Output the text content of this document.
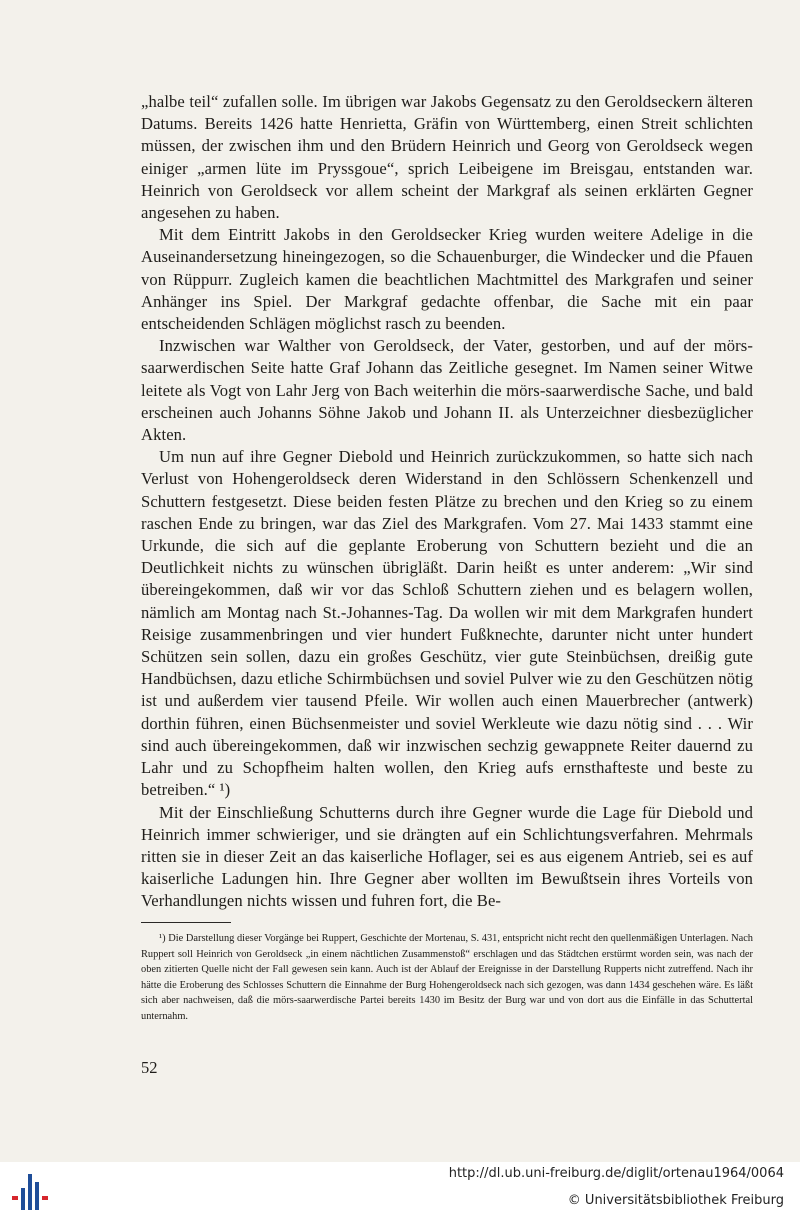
„halbe teil“ zufallen solle. Im übrigen war Jakobs Gegensatz zu den Geroldseckern älteren Datums. Bereits 1426 hatte Henrietta, Gräfin von Württemberg, einen Streit schlichten müssen, der zwischen ihm und den Brüdern Heinrich und Georg von Geroldseck wegen einiger „armen lüte im Pryssgoue“, sprich Leibeigene im Breisgau, entstanden war. Heinrich von Geroldseck vor allem scheint der Markgraf als seinen erklärten Gegner angesehen zu haben.

Mit dem Eintritt Jakobs in den Geroldsecker Krieg wurden weitere Adelige in die Auseinandersetzung hineingezogen, so die Schauenburger, die Windecker und die Pfauen von Rüppurr. Zugleich kamen die beachtlichen Machtmittel des Markgrafen und seiner Anhänger ins Spiel. Der Markgraf gedachte offenbar, die Sache mit ein paar entscheidenden Schlägen möglichst rasch zu beenden.

Inzwischen war Walther von Geroldseck, der Vater, gestorben, und auf der mörs-saarwerdischen Seite hatte Graf Johann das Zeitliche gesegnet. Im Namen seiner Witwe leitete als Vogt von Lahr Jerg von Bach weiterhin die mörs-saarwerdische Sache, und bald erscheinen auch Johanns Söhne Jakob und Johann II. als Unterzeichner diesbezüglicher Akten.

Um nun auf ihre Gegner Diebold und Heinrich zurückzukommen, so hatte sich nach Verlust von Hohengeroldseck deren Widerstand in den Schlössern Schenkenzell und Schuttern festgesetzt. Diese beiden festen Plätze zu brechen und den Krieg so zu einem raschen Ende zu bringen, war das Ziel des Markgrafen. Vom 27. Mai 1433 stammt eine Urkunde, die sich auf die geplante Eroberung von Schuttern bezieht und die an Deutlichkeit nichts zu wünschen übrigläßt. Darin heißt es unter anderem: „Wir sind übereingekommen, daß wir vor das Schloß Schuttern ziehen und es belagern wollen, nämlich am Montag nach St.-Johannes-Tag. Da wollen wir mit dem Markgrafen hundert Reisige zusammenbringen und vier hundert Fußknechte, darunter nicht unter hundert Schützen sein sollen, dazu ein großes Geschütz, vier gute Steinbüchsen, dreißig gute Handbüchsen, dazu etliche Schirmbüchsen und soviel Pulver wie zu den Geschützen nötig ist und außerdem vier tausend Pfeile. Wir wollen auch einen Mauerbrecher (antwerk) dorthin führen, einen Büchsenmeister und soviel Werkleute wie dazu nötig sind . . . Wir sind auch übereingekommen, daß wir inzwischen sechzig gewappnete Reiter dauernd zu Lahr und zu Schopfheim halten wollen, den Krieg aufs ernsthafteste und beste zu betreiben.“ ¹)

Mit der Einschließung Schutterns durch ihre Gegner wurde die Lage für Diebold und Heinrich immer schwieriger, und sie drängten auf ein Schlichtungsverfahren. Mehrmals ritten sie in dieser Zeit an das kaiserliche Hoflager, sei es aus eigenem Antrieb, sei es auf kaiserliche Ladungen hin. Ihre Gegner aber wollten im Bewußtsein ihres Vorteils von Verhandlungen nichts wissen und fuhren fort, die Be-

¹) Die Darstellung dieser Vorgänge bei Ruppert, Geschichte der Mortenau, S. 431, entspricht nicht recht den quellenmäßigen Unterlagen. Nach Ruppert soll Heinrich von Geroldseck „in einem nächtlichen Zusammenstoß“ erschlagen und das Städtchen erstürmt worden sein, was nach der oben zitierten Quelle nicht der Fall gewesen sein kann. Auch ist der Ablauf der Ereignisse in der Darstellung Rupperts nicht zutreffend. Nach ihr hätte die Eroberung des Schlosses Schuttern die Einnahme der Burg Hohengeroldseck nach sich gezogen, was dann 1434 geschehen wäre. Es läßt sich aber nachweisen, daß die mörs-saarwerdische Partei bereits 1430 im Besitz der Burg war und von dort aus die Einfälle in das Schuttertal unternahm.

52
http://dl.ub.uni-freiburg.de/diglit/ortenau1964/0064
© Universitätsbibliothek Freiburg
